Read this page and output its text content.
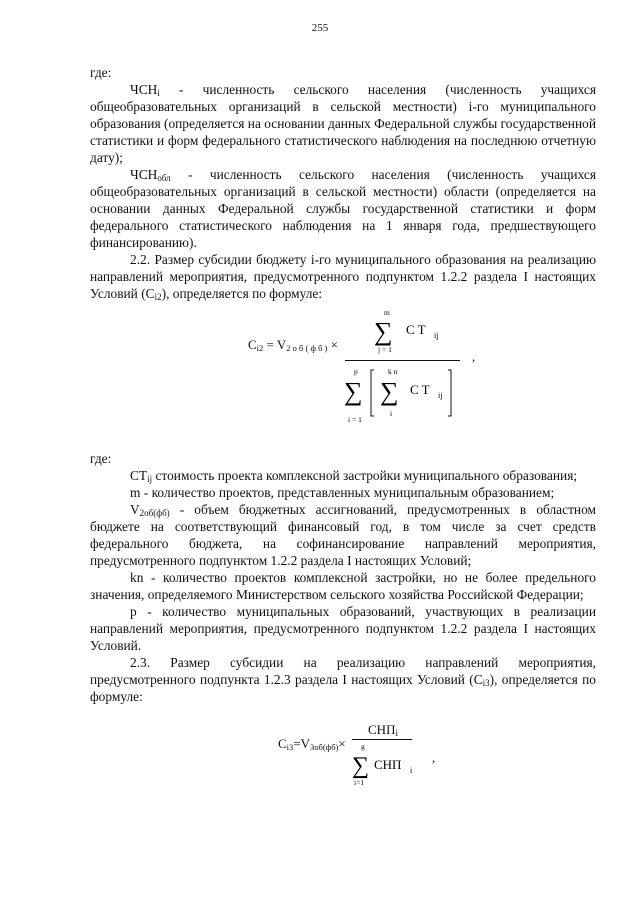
255

где:

$ЧСН_i$ - численность сельского населения (численность учащихся общеобразовательных организаций в сельской местности) i-го муниципального образования (определяется на основании данных Федеральной службы государственной статистики и форм федерального статистического наблюдения на последнюю отчетную дату);

$ЧСН_{обл}$ - численность сельского населения (численность учащихся общеобразовательных организаций в сельской местности) области (определяется на основании данных Федеральной службы государственной статистики и форм федерального статистического наблюдения на 1 января года, предшествующего финансированию).

2.2. Размер субсидии бюджету i-го муниципального образования на реализацию направлений мероприятия, предусмотренного подпунктом 1.2.2 раздела I настоящих Условий $(C_{i2})$, определяется по формуле:

$C_{i2} = V_{2 о б ( ф б )}$ ×
m
∑
j = 1
C T ij
p
∑
i = 1
k n
∑
i
C T ij
,

где:

$CT_{ij}$ стоимость проекта комплексной застройки муниципального образования;

m - количество проектов, представленных муниципальным образованием;

$V_{2об(фб)}$ - объем бюджетных ассигнований, предусмотренных в областном бюджете на соответствующий финансовый год, в том числе за счет средств федерального бюджета, на софинансирование направлений мероприятия, предусмотренного подпунктом 1.2.2 раздела I настоящих Условий;

kn - количество проектов комплексной застройки, но не более предельного значения, определяемого Министерством сельского хозяйства Российской Федерации;

p - количество муниципальных образований, участвующих в реализации направлений мероприятия, предусмотренного подпунктом 1.2.2 раздела I настоящих Условий.

2.3. Размер субсидии на реализацию направлений мероприятия, предусмотренного подпункта 1.2.3 раздела I настоящих Условий $(C_{i3})$, определяется по формуле:

$C_{i3}=V_{3об(фб)}\times$
$СНП_i$
g
∑
i=1
СНП i
,
